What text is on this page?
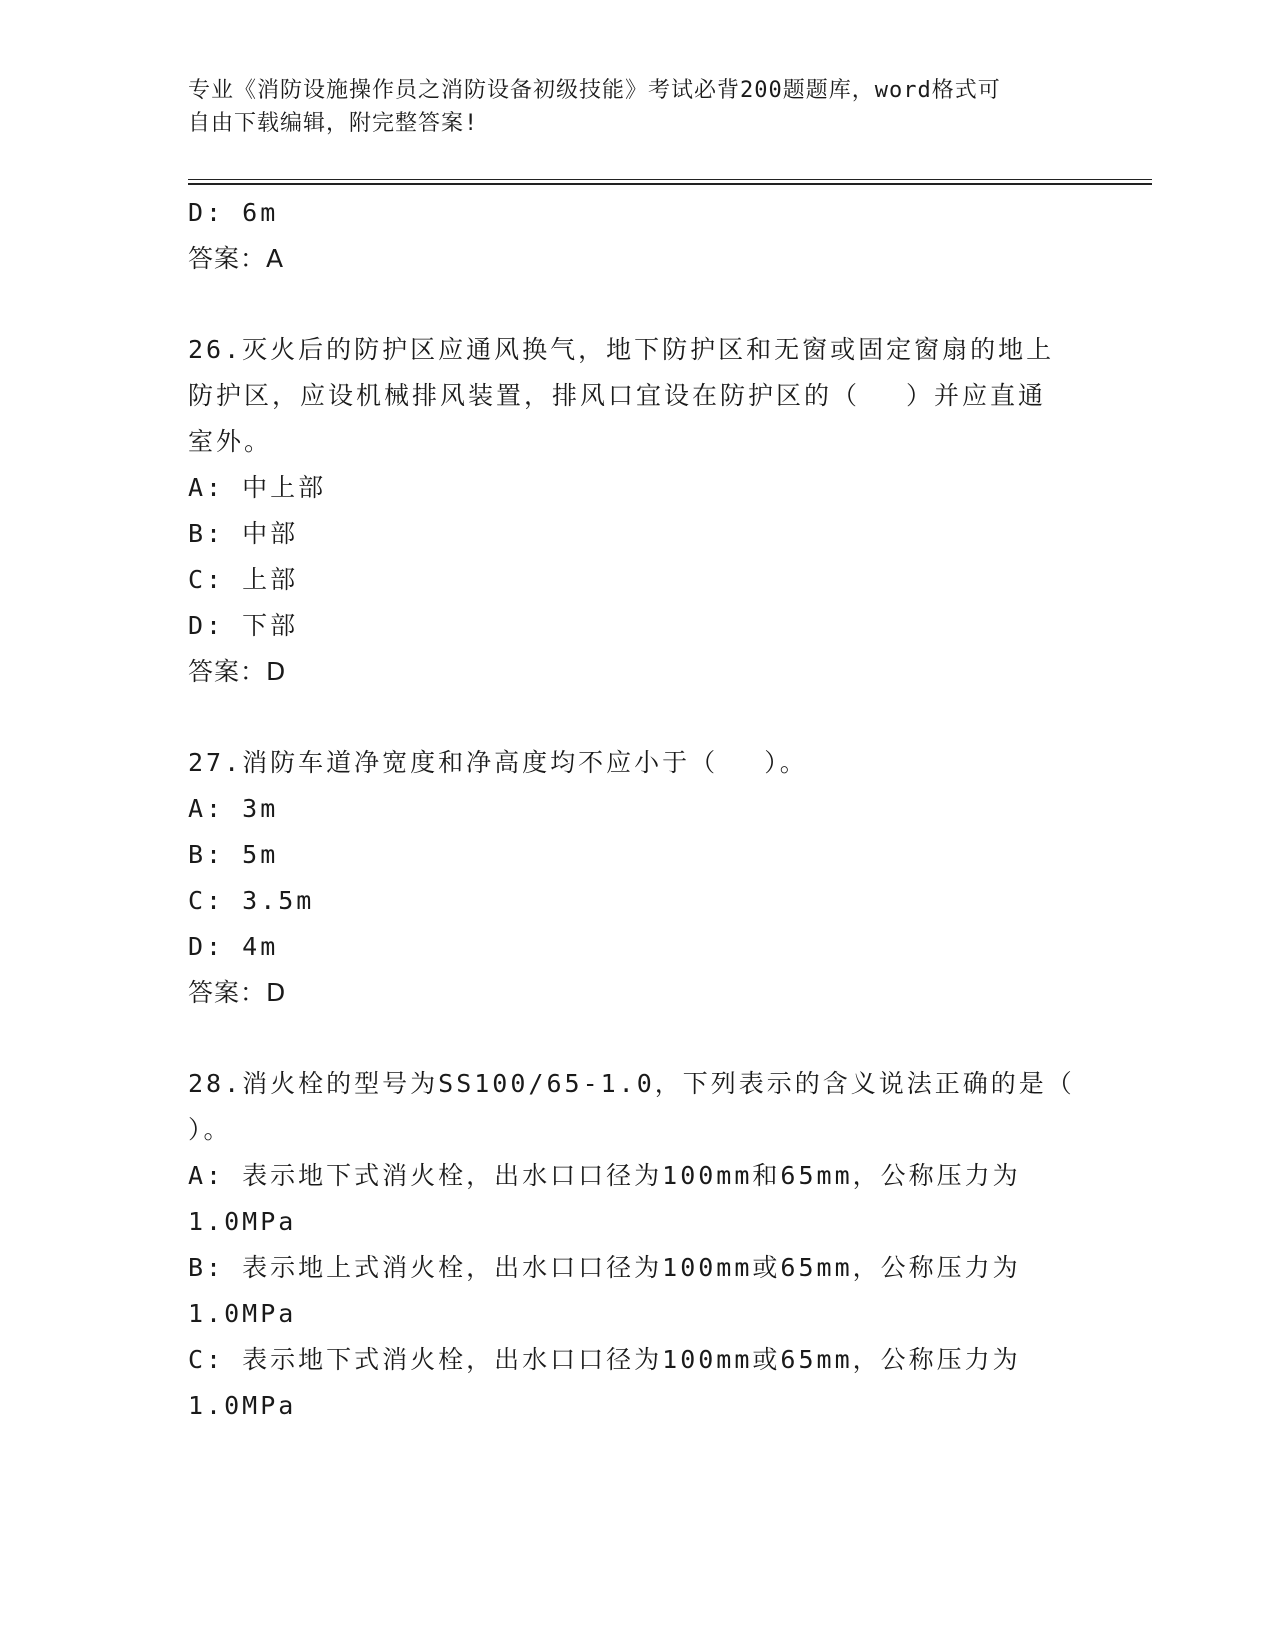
专业《消防设施操作员之消防设备初级技能》考试必背200题题库，word格式可
自由下载编辑，附完整答案!
D: 6m
答案：A
26.灭火后的防护区应通风换气，地下防护区和无窗或固定窗扇的地上
防护区，应设机械排风装置，排风口宜设在防护区的（　 ）并应直通
室外。
A: 中上部
B: 中部
C: 上部
D: 下部
答案：D
27.消防车道净宽度和净高度均不应小于（　 ）。
A: 3m
B: 5m
C: 3.5m
D: 4m
答案：D
28.消火栓的型号为SS100/65-1.0，下列表示的含义说法正确的是（
）。
A: 表示地下式消火栓，出水口口径为100mm和65mm，公称压力为
1.0MPa
B: 表示地上式消火栓，出水口口径为100mm或65mm，公称压力为
1.0MPa
C: 表示地下式消火栓，出水口口径为100mm或65mm，公称压力为
1.0MPa
